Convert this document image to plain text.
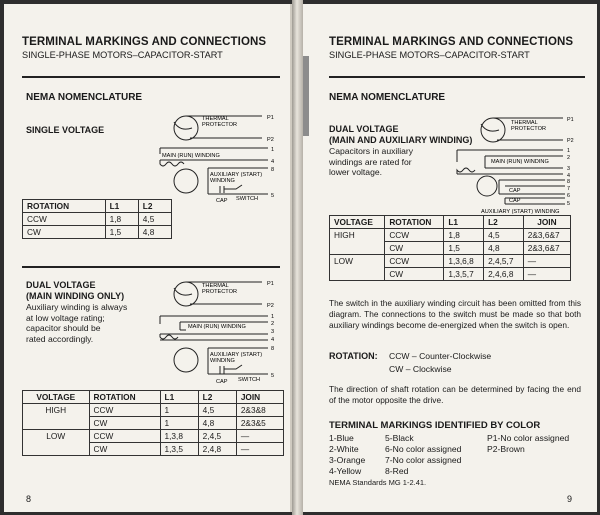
TERMINAL MARKINGS AND CONNECTIONS
SINGLE-PHASE MOTORS–CAPACITOR-START
NEMA NOMENCLATURE
SINGLE VOLTAGE
THERMAL
PROTECTOR
P1
P2
1
4
8
5
MAIN (RUN) WINDING
AUXILIARY (START)
WINDING
CAP SWITCH
ROTATION	L1	L2
CCW	1,8	4,5
CW	1,5	4,8
DUAL VOLTAGE
(MAIN WINDING ONLY)
Auxiliary winding is always
at low voltage rating;
capacitor should be
rated accordingly.
THERMAL
PROTECTOR
P1
P2
1
2
3
4
8
5
MAIN (RUN) WINDING
AUXILIARY (START)
WINDING
CAP SWITCH
VOLTAGE	ROTATION	L1	L2	JOIN
HIGH	CCW	1	4,5	2&3&8
	CW	1	4,8	2&3&5
LOW	CCW	1,3,8	2,4,5	—
	CW	1,3,5	2,4,8	—
8
TERMINAL MARKINGS AND CONNECTIONS
SINGLE-PHASE MOTORS–CAPACITOR-START
NEMA NOMENCLATURE
DUAL VOLTAGE
(MAIN AND AUXILIARY WINDING)
Capacitors in auxiliary
windings are rated for
lower voltage.
THERMAL
PROTECTOR
P1
P2
1
2
3
4
8
7
6
5
MAIN (RUN) WINDING
CAP
CAP
AUXILIARY (START) WINDING
VOLTAGE	ROTATION	L1	L2	JOIN
HIGH	CCW	1,8	4,5	2&3,6&7
	CW	1,5	4,8	2&3,6&7
LOW	CCW	1,3,6,8	2,4,5,7	—
	CW	1,3,5,7	2,4,6,8	—
The switch in the auxiliary winding circuit has been omitted from this diagram. The connections to the switch must be made so that both auxiliary windings become de-energized when the switch is open.
ROTATION: CCW – Counter-Clockwise
CW – Clockwise
The direction of shaft rotation can be determined by facing the end of the motor opposite the drive.
TERMINAL MARKINGS IDENTIFIED BY COLOR
1-Blue
2-White
3-Orange
4-Yellow
5-Black
6-No color assigned
7-No color assigned
8-Red
P1-No color assigned
P2-Brown
NEMA Standards MG 1-2.41.
9
